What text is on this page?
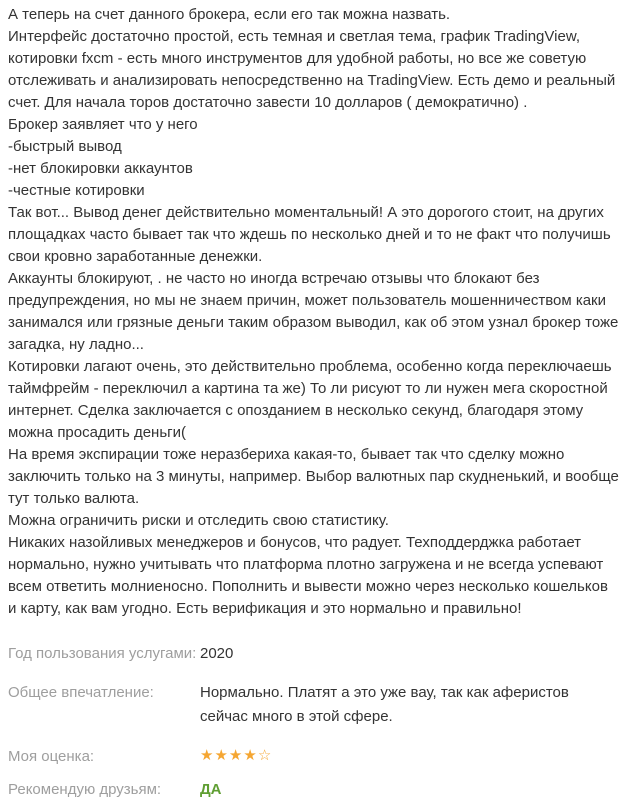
А теперь на счет данного брокера, если его так можна назвать.
Интерфейс достаточно простой, есть темная и светлая тема, график TradingView,
котировки fxcm - есть много инструментов для удобной работы, но все же советую
отслеживать и анализировать непосредственно на TradingView. Есть демо и реальный
счет. Для начала торов достаточно завести 10 долларов ( демократично) .
Брокер заявляет что у него
-быстрый вывод
-нет блокировки аккаунтов
-честные котировки
Так вот... Вывод денег действительно моментальный! А это дорогого стоит, на других
площадках часто бывает так что ждешь по несколько дней и то не факт что получишь
свои кровно заработанные денежки.
Аккаунты блокируют, . не часто но иногда встречаю отзывы что блокают без
предупреждения, но мы не знаем причин, может пользователь мошенничеством каки
занимался или грязные деньги таким образом выводил, как об этом узнал брокер тоже
загадка, ну ладно...
Котировки лагают очень, это действительно проблема, особенно когда переключаешь
таймфрейм - переключил а картина та же) То ли рисуют то ли нужен мега скоростной
интернет. Сделка заключается с опозданием в несколько секунд, благодаря этому
можна просадить деньги(
На время экспирации тоже неразбериха какая-то, бывает так что сделку можно
заключить только на 3 минуты, например. Выбор валютных пар скудненький, и вообще
тут только валюта.
Можна ограничить риски и отследить свою статистику.
Никаких назойливых менеджеров и бонусов, что радует. Техподдерджка работает
нормально, нужно учитывать что платформа плотно загружена и не всегда успевают
всем ответить молниеносно. Пополнить и вывести можно через несколько кошельков
и карту, как вам угодно. Есть верификация и это нормально и правильно!
Год пользования услугами: 2020
Общее впечатление:	Нормально. Платят а это уже вау, так как аферистов сейчас много в этой сфере.
Моя оценка:	★★★★☆
Рекомендую друзьям:	ДА
